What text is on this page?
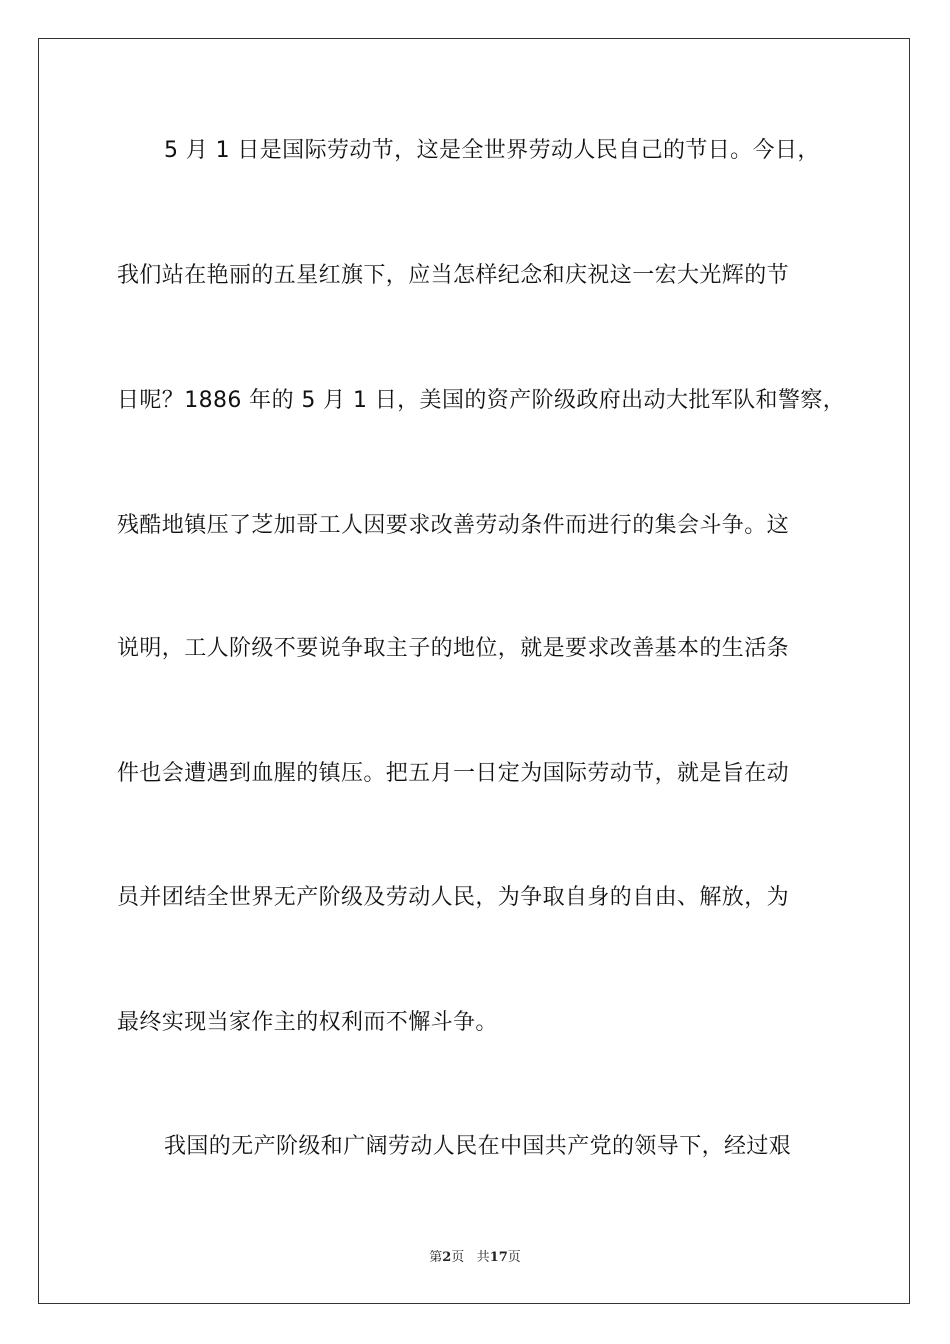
5 月 1 日是国际劳动节，这是全世界劳动人民自己的节日。今日，
我们站在艳丽的五星红旗下，应当怎样纪念和庆祝这一宏大光辉的节
日呢？1886 年的 5 月 1 日，美国的资产阶级政府出动大批军队和警察，
残酷地镇压了芝加哥工人因要求改善劳动条件而进行的集会斗争。这
说明，工人阶级不要说争取主子的地位，就是要求改善基本的生活条
件也会遭遇到血腥的镇压。把五月一日定为国际劳动节，就是旨在动
员并团结全世界无产阶级及劳动人民，为争取自身的自由、解放，为
最终实现当家作主的权利而不懈斗争。
我国的无产阶级和广阔劳动人民在中国共产党的领导下，经过艰
第2页 共17页
